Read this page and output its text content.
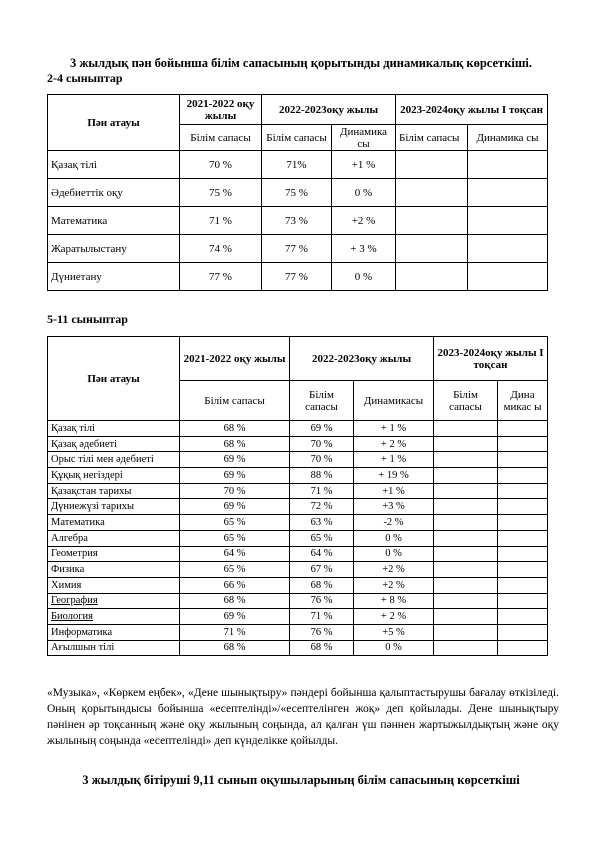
3 жылдық пән бойынша білім сапасының қорытынды динамикалық көрсеткіші.
2-4 сыныптар
Пән атауы	2021-2022 оқу жылы	2022-2023оқу жылы		2023-2024оқу жылы І тоқсан	
	Білім сапасы	Білім сапасы	Динамика сы	Білім сапасы	Динамика сы
Қазақ тілі	70 %	71%	+1 %		
Әдебиеттік оқу	75 %	75 %	0 %		
Математика	71 %	73 %	+2 %		
Жаратылыстану	74 %	77 %	+ 3 %		
Дүниетану	77 %	77 %	0 %		
5-11 сыныптар
Пән атауы	2021-2022 оқу жылы	2022-2023оқу жылы		2023-2024оқу жылы І тоқсан	
	Білім сапасы	Білім сапасы	Динамикасы	Білім сапасы	Дина микас ы
Қазақ тілі	68 %	69 %	+ 1 %		
Қазақ әдебиеті	68 %	70 %	+ 2 %		
Орыс тілі мен әдебиеті	69 %	70 %	+ 1 %		
Құқық негіздері	69 %	88 %	+ 19 %		
Қазақстан тарихы	70 %	71 %	+1 %		
Дүниежүзі тарихы	69 %	72 %	+3 %		
Математика	65 %	63 %	-2 %		
Алгебра	65 %	65 %	0 %		
Геометрия	64 %	64 %	0 %		
Физика	65 %	67 %	+2 %		
Химия	66 %	68 %	+2 %		
География	68 %	76 %	+ 8 %		
Биология	69 %	71 %	+ 2 %		
Информатика	71 %	76 %	+5 %		
Ағылшын тілі	68 %	68 %	0 %		
«Музыка», «Көркем еңбек», «Дене шынықтыру» пәндері бойынша қалыптастырушы бағалау өткізіледі. Оның қорытындысы бойынша «есептелінді»/«есептелінген жоқ» деп қойылады. Дене шынықтыру пәнінен әр тоқсанның және оқу жылының соңында, ал қалған үш пәннен жартыжылдықтың және оқу жылының соңында «есептелінді» деп күнделікке қойылды.
3 жылдық бітіруші 9,11 сынып оқушыларының білім сапасының көрсеткіші
